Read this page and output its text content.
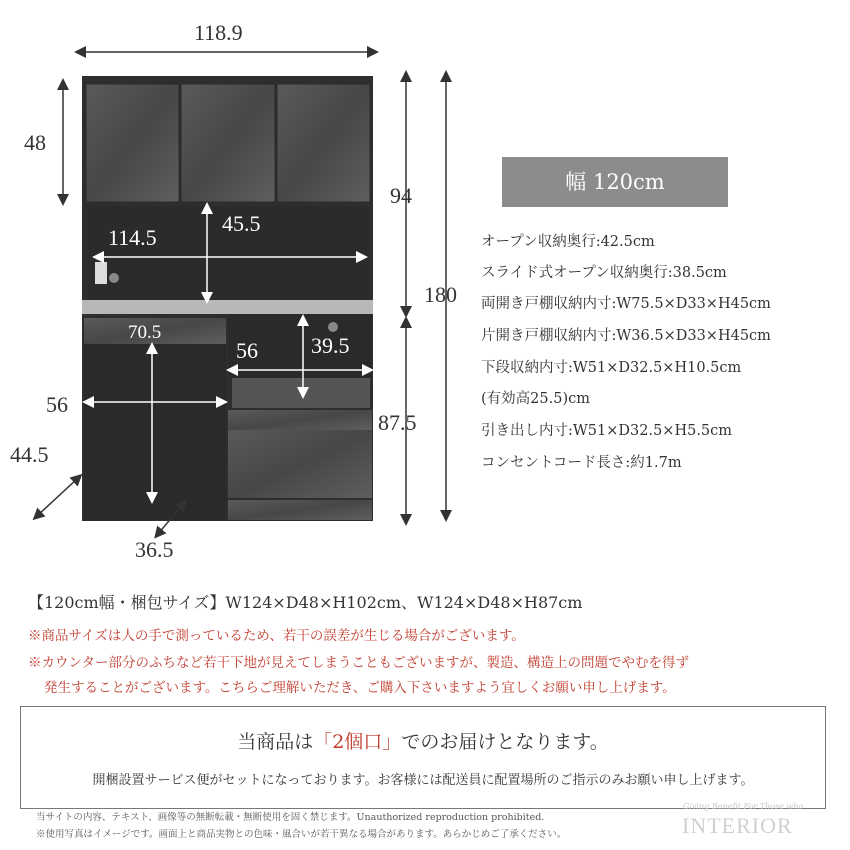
118.9
48
94
180
114.5
45.5
70.5
56 39.5
56
87.5
44.5
36.5
幅 120cm
オープン収納奥行:42.5cm
スライド式オープン収納奥行:38.5cm
両開き戸棚収納内寸:W75.5×D33×H45cm
片開き戸棚収納内寸:W36.5×D33×H45cm
下段収納内寸:W51×D32.5×H10.5cm
(有効高25.5)cm
引き出し内寸:W51×D32.5×H5.5cm
コンセントコード長さ:約1.7m
【120cm幅・梱包サイズ】W124×D48×H102cm、W124×D48×H87cm
※商品サイズは人の手で測っているため、若干の誤差が生じる場合がございます。
※カウンター部分のふちなど若干下地が見えてしまうこともございますが、製造、構造上の問題でやむを得ず
発生することがございます。こちらご理解いただき、ご購入下さいますよう宜しくお願い申し上げます。
当商品は「2個口」でのお届けとなります。
開梱設置サービス便がセットになっております。お客様には配送員に配置場所のご指示のみお願い申し上げます。
当サイトの内容、テキスト、画像等の無断転載・無断使用を固く禁じます。Unauthorized reproduction prohibited.
※使用写真はイメージです。画面上と商品実物との色味・風合いが若干異なる場合があります。あらかじめご了承ください。
Giving Benefit For Those who
INTERIOR
